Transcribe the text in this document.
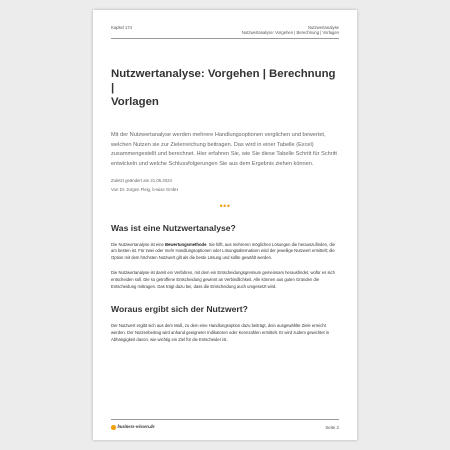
Kapitel 174	Nutzwertanalyse
Nutzwertanalyse: Vorgehen | Berechnung | Vorlagen
Nutzwertanalyse: Vorgehen | Berechnung |
Vorlagen

Mit der Nutzwertanalyse werden mehrere Handlungsoptionen verglichen und bewertet, welchen Nutzen sie zur Zielerreichung beitragen. Das wird in einer Tabelle (Excel) zusammengestellt und berechnet. Hier erfahren Sie, wie Sie diese Tabelle Schritt für Schritt entwickeln und welche Schlussfolgerungen Sie aus dem Ergebnis ziehen können.

Zuletzt geändert am 21.06.2024
Von Dr. Jürgen Fleig, b-wise GmbH
•••
Was ist eine Nutzwertanalyse?

Die Nutzwertanalyse ist eine Bewertungsmethode. Sie hilft, aus mehreren möglichen Lösungen die herauszufinden, die am besten ist. Für zwei oder mehr Handlungsoptionen oder Lösungsalternativen wird der jeweilige Nutzwert ermittelt; die Option mit dem höchsten Nutzwert gilt als die beste Lösung und sollte gewählt werden.

Die Nutzwertanalyse ist damit ein Verfahren, mit dem ein Entscheidungsgremium gemeinsam herausfindet, wofür es sich entscheiden soll. Die so getroffene Entscheidung gewinnt an Verbindlichkeit. Alle können aus guten Gründen die Entscheidung mittragen. Das trägt dazu bei, dass die Entscheidung auch umgesetzt wird.

Woraus ergibt sich der Nutzwert?

Der Nutzwert ergibt sich aus dem Maß, zu dem eine Handlungsoption dazu beiträgt, dein ausgewählte Ziele erreicht werden. Der Nutzenbeitrag wird anhand geeigneter Indikatoren oder Kennzahlen ermittelt. Er wird zudem gewichtet in Abhängigkeit davon, wie wichtig ein Ziel für die Entscheider ist.

business-wissen.de	Seite 2
